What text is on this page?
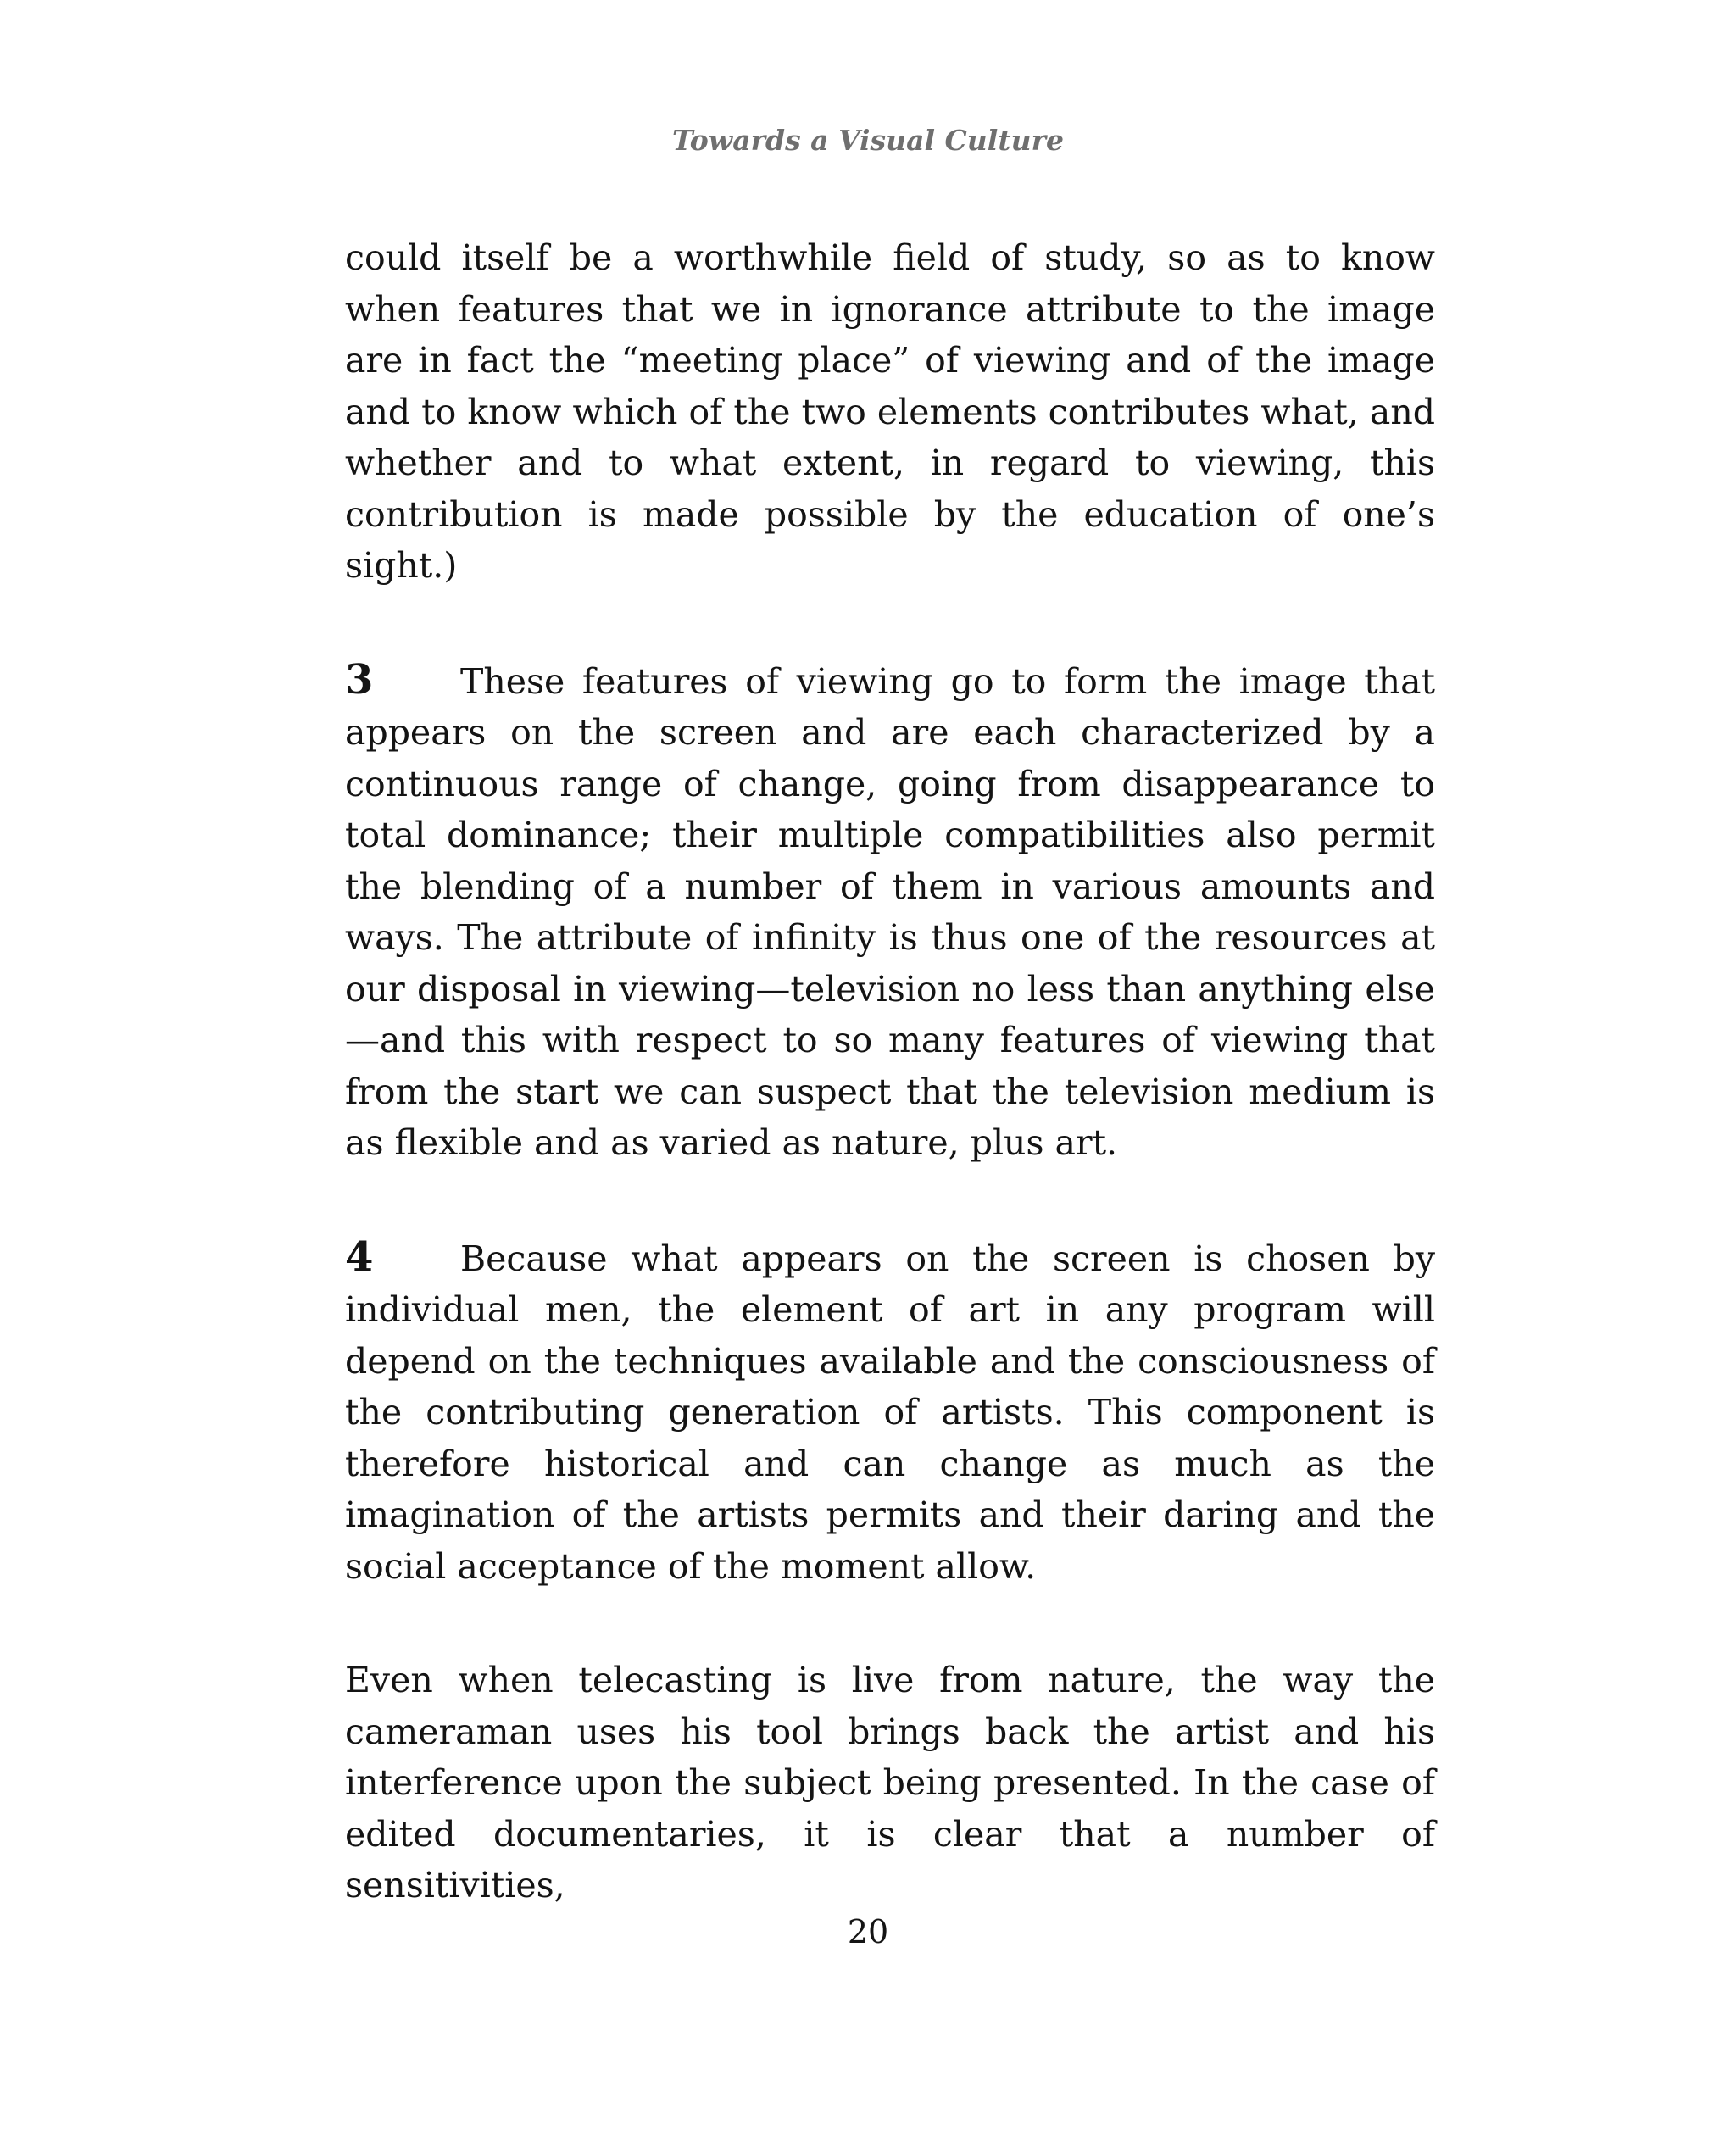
Towards a Visual Culture

could itself be a worthwhile field of study, so as to know when features that we in ignorance attribute to the image are in fact the “meeting place” of viewing and of the image and to know which of the two elements contributes what, and whether and to what extent, in regard to viewing, this contribution is made possible by the education of one’s sight.)

3	These features of viewing go to form the image that appears on the screen and are each characterized by a continuous range of change, going from disappearance to total dominance; their multiple compatibilities also permit the blending of a number of them in various amounts and ways. The attribute of infinity is thus one of the resources at our disposal in viewing—television no less than anything else—and this with respect to so many features of viewing that from the start we can suspect that the television medium is as flexible and as varied as nature, plus art.

4	Because what appears on the screen is chosen by individual men, the element of art in any program will depend on the techniques available and the consciousness of the contributing generation of artists. This component is therefore historical and can change as much as the imagination of the artists permits and their daring and the social acceptance of the moment allow.

Even when telecasting is live from nature, the way the cameraman uses his tool brings back the artist and his interference upon the subject being presented. In the case of edited documentaries, it is clear that a number of sensitivities,

20
